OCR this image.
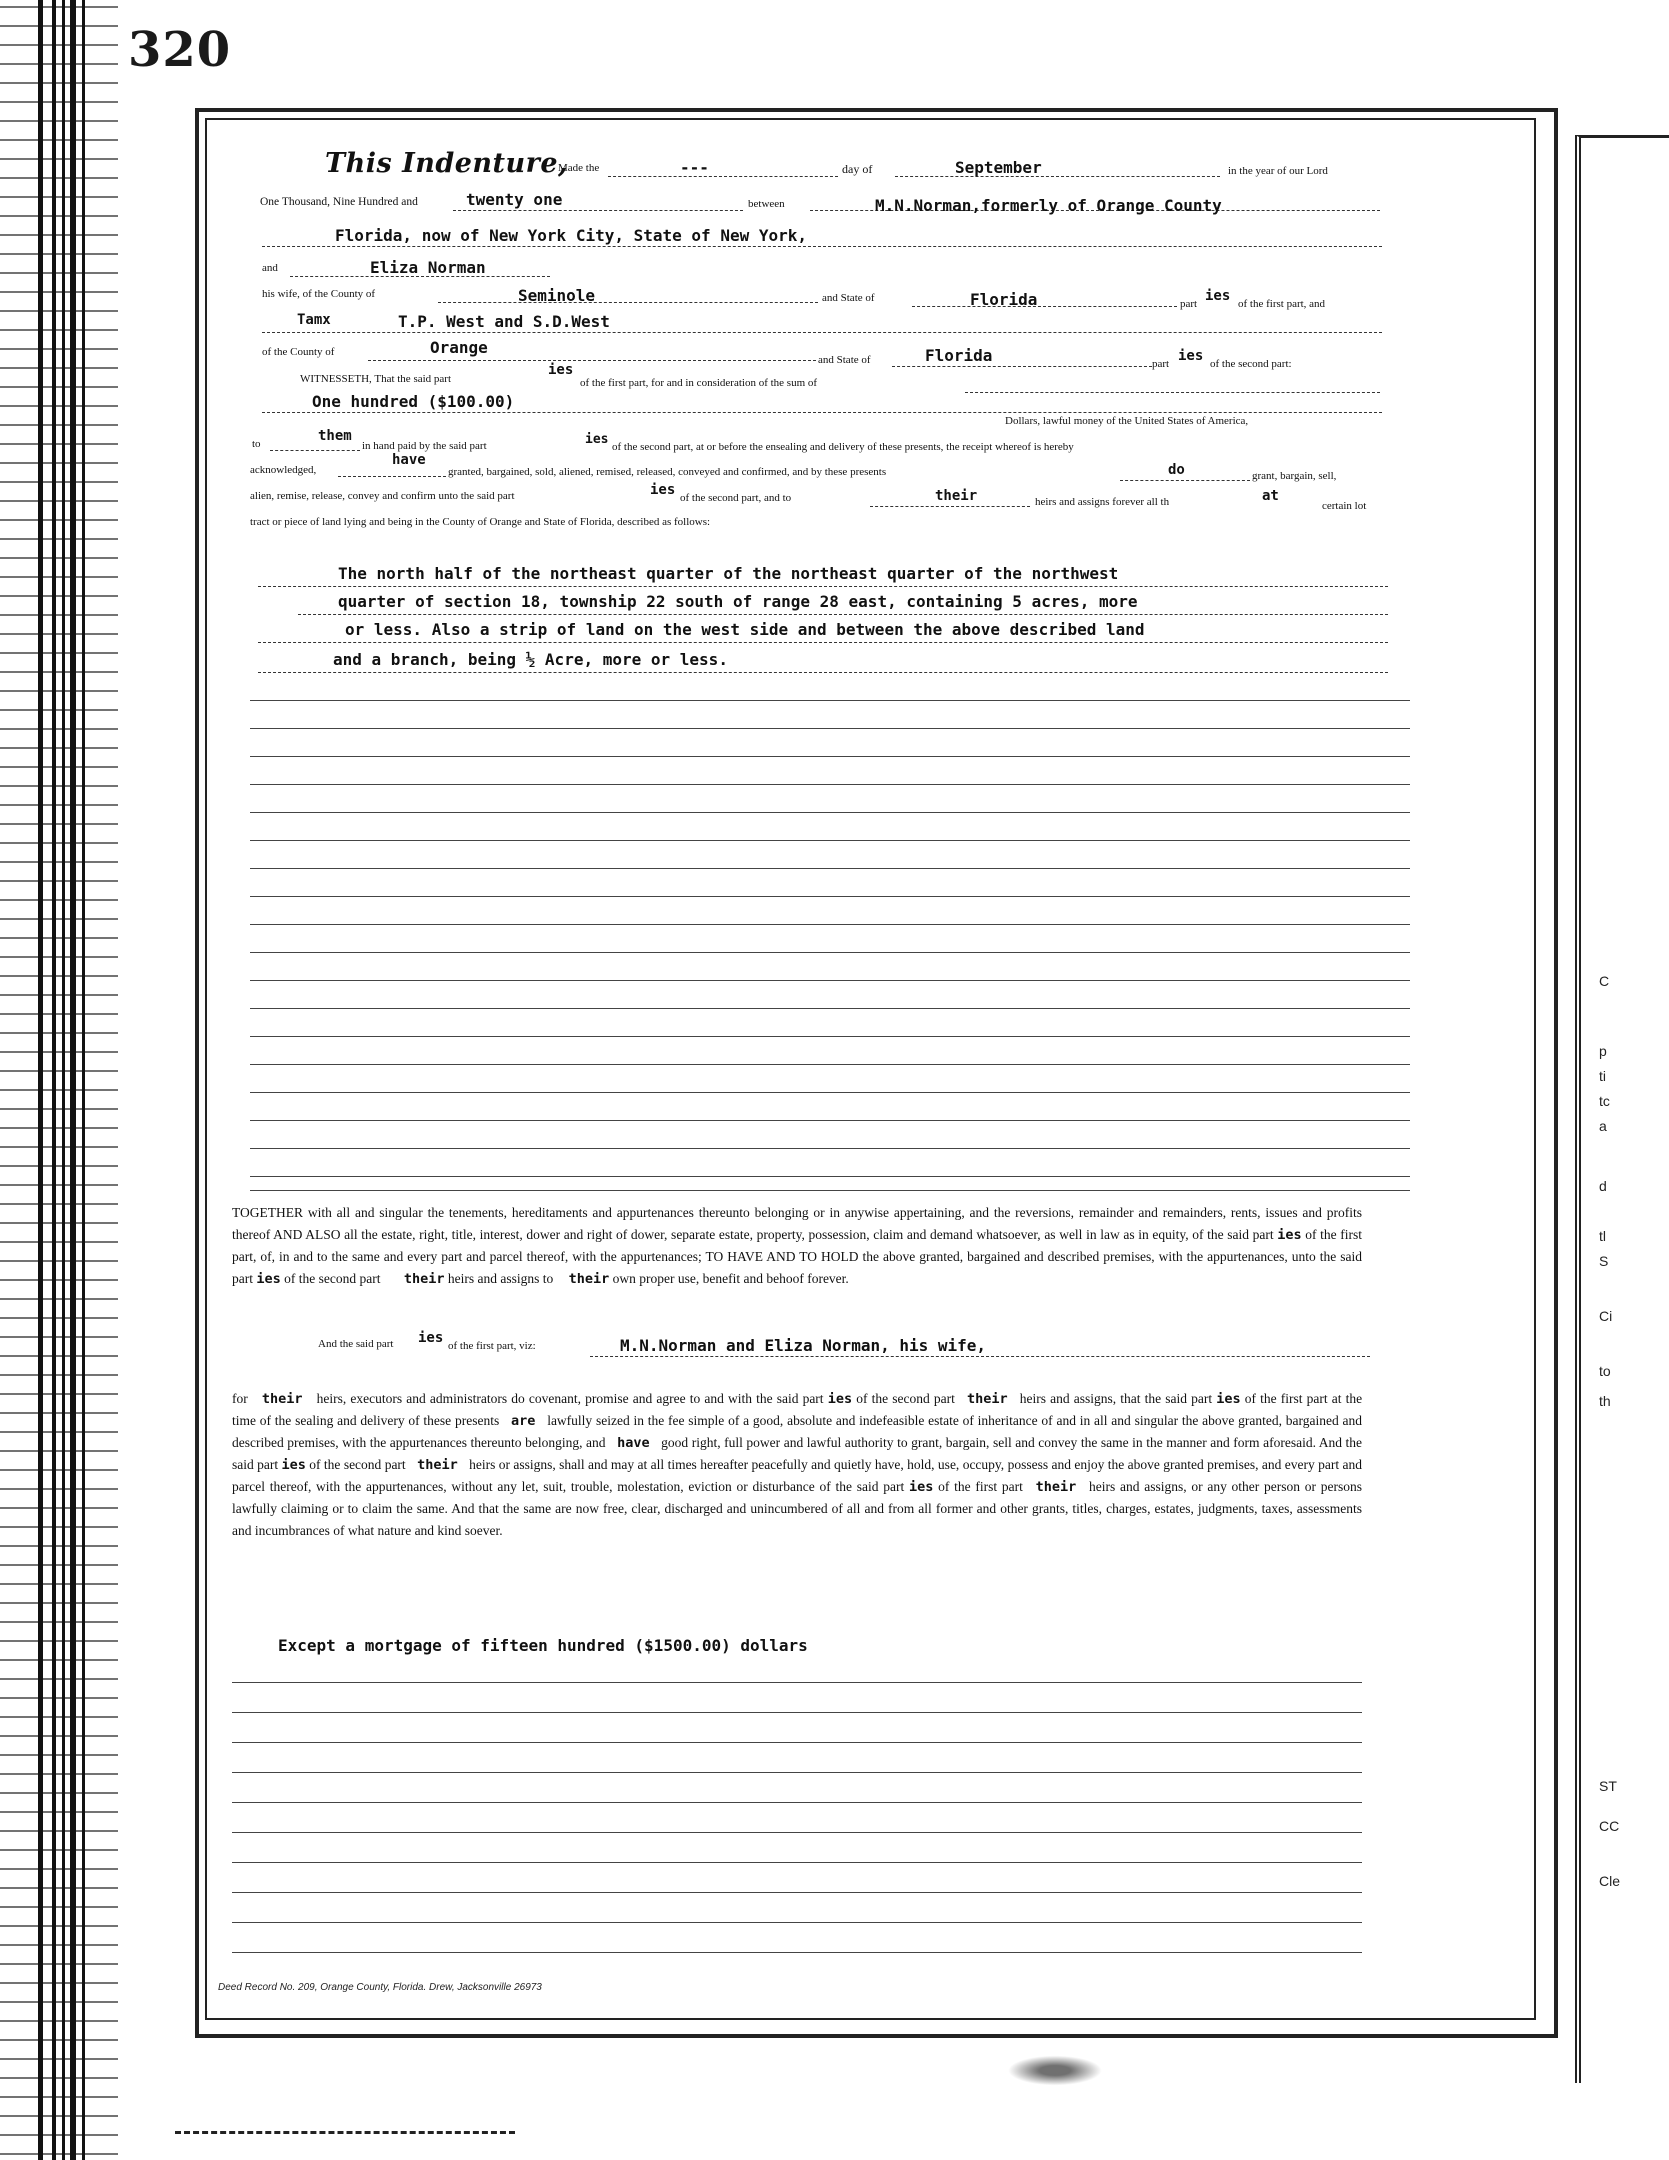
320
C
p
ti
tc
a
d
tl
S
Ci
to
th
ST
CC
Cle
This Indenture,
Made the	---	day of	September	in the year of our Lord
One Thousand, Nine Hundred and	twenty one	between	M.N.Norman,formerly of Orange County
Florida, now of New York City, State of New York,
and	Eliza Norman
his wife, of the County of	Seminole	and State of	Florida	part ies of the first part, and
Tamx	T.P. West and S.D.West
of the County of	Orange
and State of	Florida	part ies of the second part:
WITNESSETH, That the said part
ies
of the first part, for and in consideration of the sum of
One hundred ($100.00)
Dollars, lawful money of the United States of America,
to	them
in hand paid by the said part	ies of the second part, at or before the ensealing and delivery of these presents, the receipt whereof is hereby
acknowledged,
have
granted, bargained, sold, aliened, remised, released, conveyed and confirmed, and by these presents	do	grant, bargain, sell,
alien, remise, release, convey and confirm unto the said part	ies of the second part, and to	their	heirs and assigns forever all th	at
certain lot
tract or piece of land lying and being in the County of Orange and State of Florida, described as follows:
The north half of the northeast quarter of the northeast quarter of the northwest
quarter of section 18, township 22 south of range 28 east, containing 5 acres, more
or less. Also a strip of land on the west side and between the above described land
and a branch, being ½ Acre, more or less.
TOGETHER with all and singular the tenements, hereditaments and appurtenances thereunto belonging or in anywise appertaining, and the reversions, remainder and remainders, rents, issues and profits thereof AND ALSO all the estate, right, title, interest, dower and right of dower, separate estate, property, possession, claim and demand whatsoever, as well in law as in equity, of the said part ies of the first part, of, in and to the same and every part and parcel thereof, with the appurtenances; TO HAVE AND TO HOLD the above granted, bargained and described premises, with the appurtenances, unto the said part ies of the second part their heirs and assigns to their own proper use, benefit and behoof forever.
And the said part ies of the first part, viz:	M.N.Norman and Eliza Norman, his wife,
for their heirs, executors and administrators do covenant, promise and agree to and with the said part ies of the second part their heirs and assigns, that the said part ies of the first part at the time of the sealing and delivery of these presents are lawfully seized in the fee simple of a good, absolute and indefeasible estate of inheritance of and in all and singular the above granted, bargained and described premises, with the appurtenances thereunto belonging, and have good right, full power and lawful authority to grant, bargain, sell and convey the same in the manner and form aforesaid. And the said part ies of the second part their heirs or assigns, shall and may at all times hereafter peacefully and quietly have, hold, use, occupy, possess and enjoy the above granted premises, and every part and parcel thereof, with the appurtenances, without any let, suit, trouble, molestation, eviction or disturbance of the said part ies of the first part their heirs and assigns, or any other person or persons lawfully claiming or to claim the same. And that the same are now free, clear, discharged and unincumbered of all and from all former and other grants, titles, charges, estates, judgments, taxes, assessments and incumbrances of what nature and kind soever.
Except a mortgage of fifteen hundred ($1500.00) dollars
Deed Record No. 209, Orange County, Florida. Drew, Jacksonville 26973
